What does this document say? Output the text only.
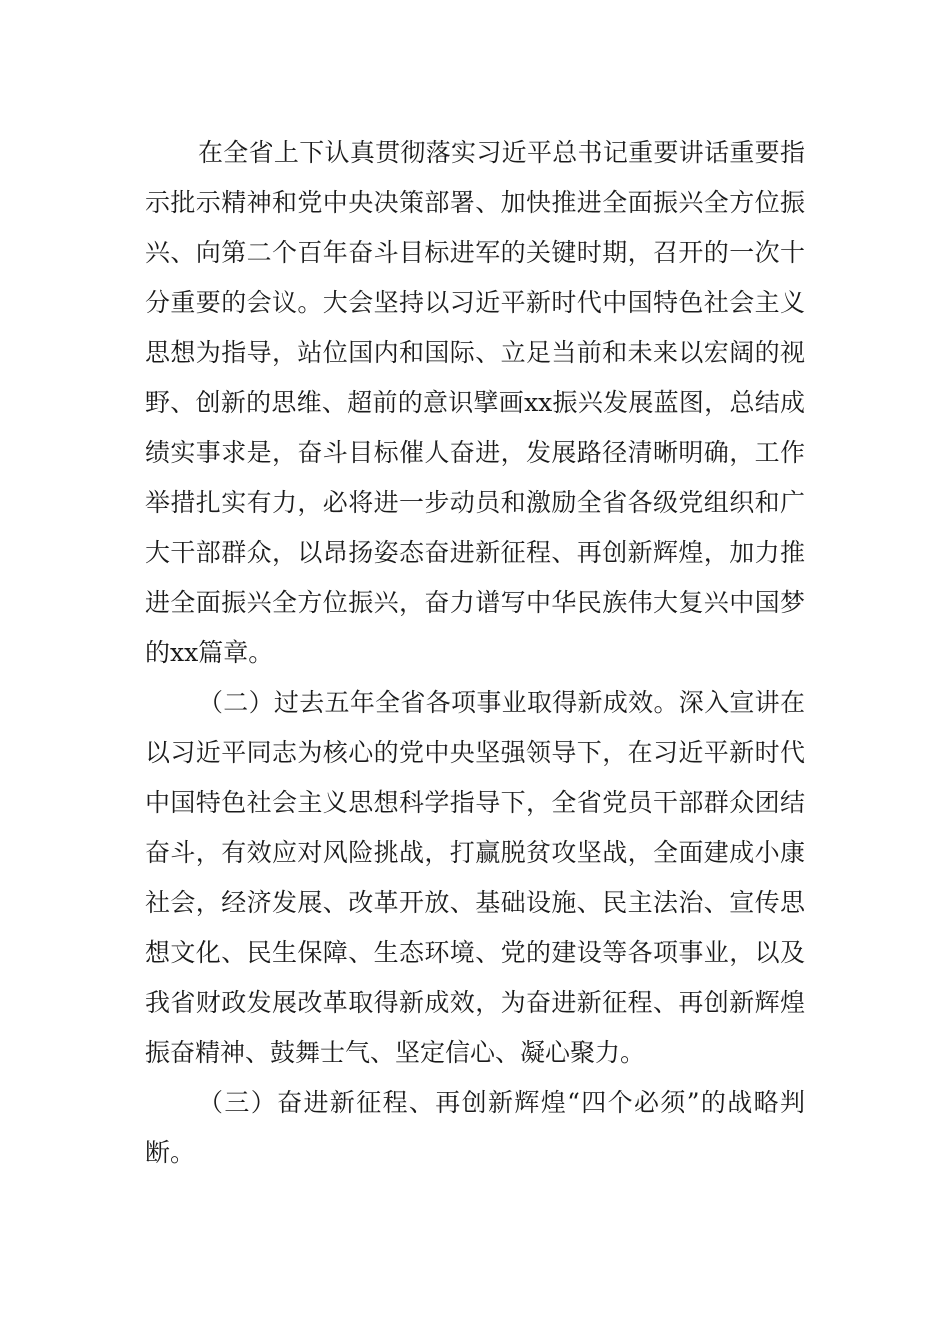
在全省上下认真贯彻落实习近平总书记重要讲话重要指示批示精神和党中央决策部署、加快推进全面振兴全方位振兴、向第二个百年奋斗目标进军的关键时期，召开的一次十分重要的会议。大会坚持以习近平新时代中国特色社会主义思想为指导，站位国内和国际、立足当前和未来以宏阔的视野、创新的思维、超前的意识擘画xx振兴发展蓝图，总结成绩实事求是，奋斗目标催人奋进，发展路径清晰明确，工作举措扎实有力，必将进一步动员和激励全省各级党组织和广大干部群众，以昂扬姿态奋进新征程、再创新辉煌，加力推进全面振兴全方位振兴，奋力谱写中华民族伟大复兴中国梦的xx篇章。

（二）过去五年全省各项事业取得新成效。深入宣讲在以习近平同志为核心的党中央坚强领导下，在习近平新时代中国特色社会主义思想科学指导下，全省党员干部群众团结奋斗，有效应对风险挑战，打赢脱贫攻坚战，全面建成小康社会，经济发展、改革开放、基础设施、民主法治、宣传思想文化、民生保障、生态环境、党的建设等各项事业，以及我省财政发展改革取得新成效，为奋进新征程、再创新辉煌振奋精神、鼓舞士气、坚定信心、凝心聚力。

（三）奋进新征程、再创新辉煌“四个必须”的战略判断。
